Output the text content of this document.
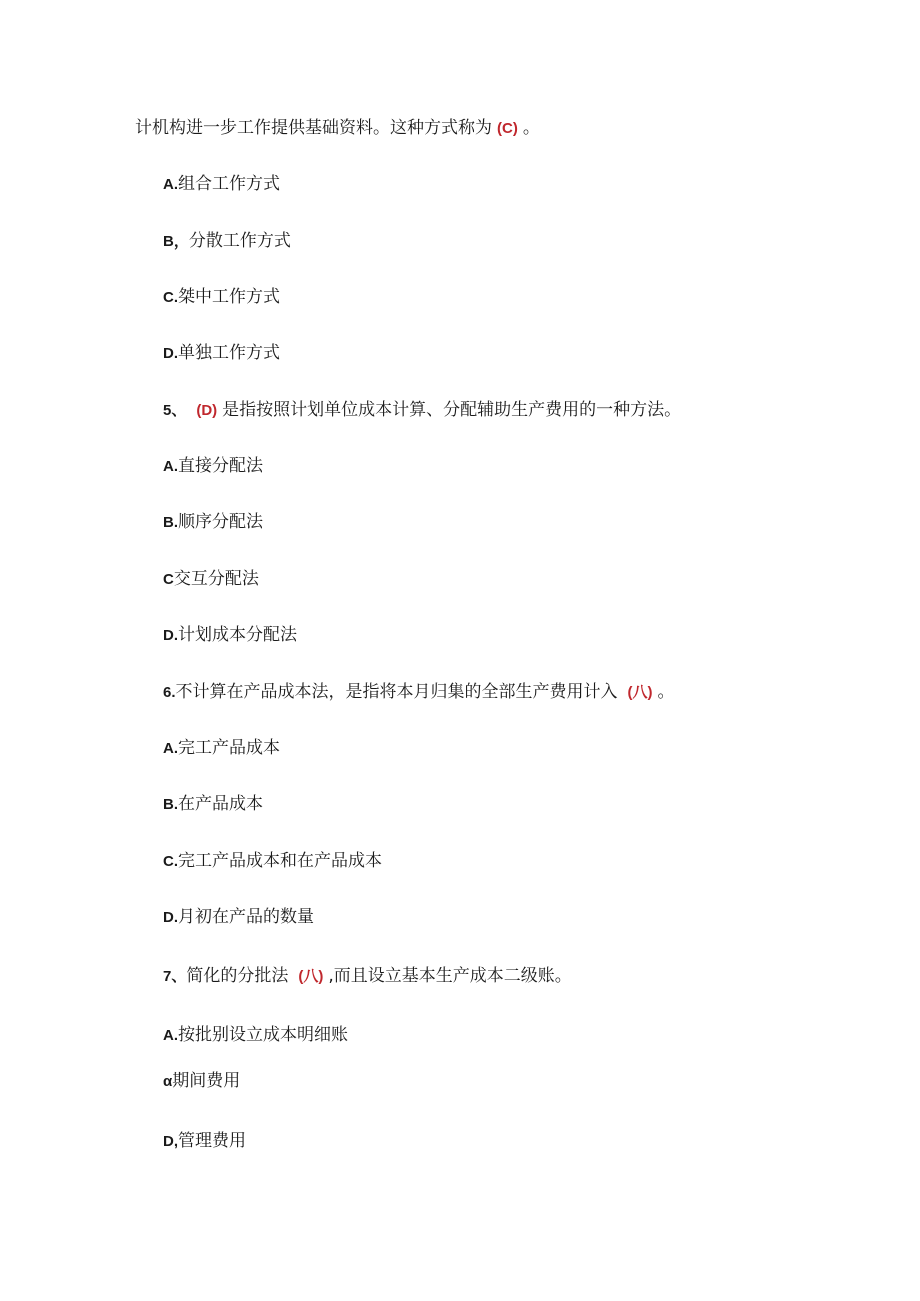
计机构进一步工作提供基础资料。这种方式称为 (C) 。
A.组合工作方式
B，分散工作方式
C.桀中工作方式
D.单独工作方式
5、 (D) 是指按照计划单位成本计算、分配辅助生产费用的一种方法。
A.直接分配法
B.顺序分配法
C交互分配法
D.计划成本分配法
6.不计算在产品成本法，是指将本月归集的全部生产费用计入 (八) 。
A.完工产品成本
B.在产品成本
C.完工产品成本和在产品成本
D.月初在产品的数量
7、简化的分批法 (八) ,而且设立基本生产成本二级账。
A.按批别设立成本明细账
α期间费用
D,管理费用
